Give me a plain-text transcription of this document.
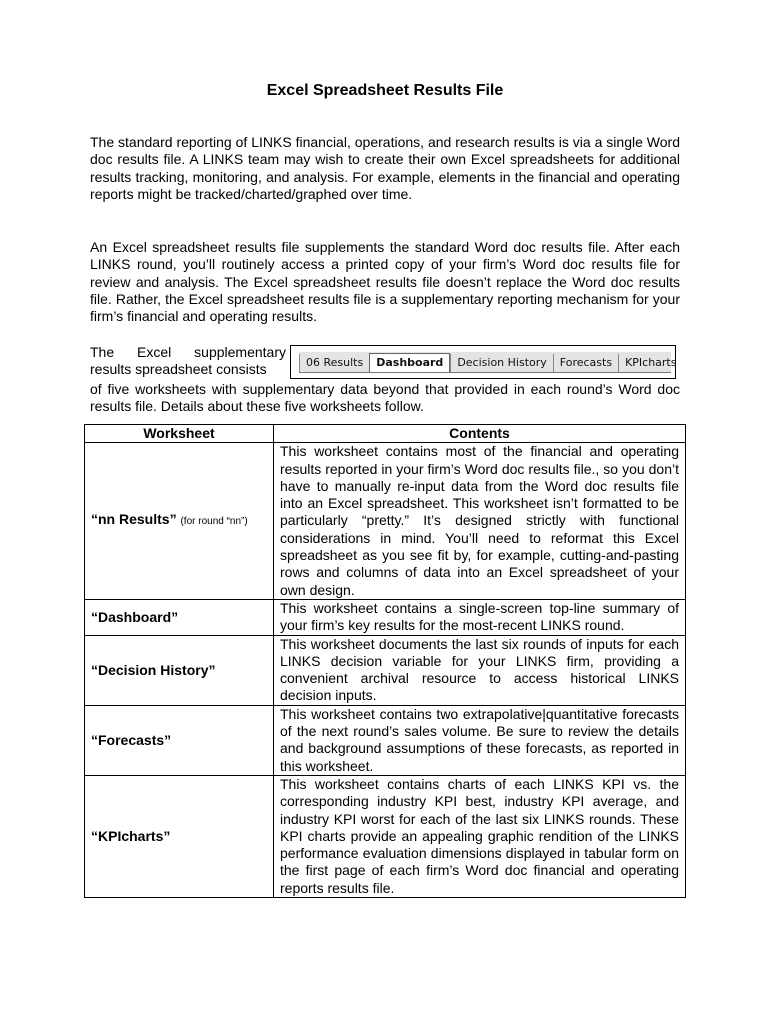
Excel Spreadsheet Results File
The standard reporting of LINKS financial, operations, and research results is via a single Word doc results file. A LINKS team may wish to create their own Excel spreadsheets for additional results tracking, monitoring, and analysis. For example, elements in the financial and operating reports might be tracked/charted/graphed over time.
An Excel spreadsheet results file supplements the standard Word doc results file. After each LINKS round, you’ll routinely access a printed copy of your firm’s Word doc results file for review and analysis. The Excel spreadsheet results file doesn’t replace the Word doc results file. Rather, the Excel spreadsheet results file is a supplementary reporting mechanism for your firm’s financial and operating results.
The Excel supplementary
results spreadsheet consists
of five worksheets with supplementary data beyond that provided in each round’s Word doc results file. Details about these five worksheets follow.
06 Results	Dashboard	Decision History	Forecasts	KPIcharts
Worksheet	Contents
“nn Results” (for round “nn”)	This worksheet contains most of the financial and operating results reported in your firm’s Word doc results file., so you don’t have to manually re-input data from the Word doc results file into an Excel spreadsheet. This worksheet isn’t formatted to be particularly “pretty.” It’s designed strictly with functional considerations in mind. You’ll need to reformat this Excel spreadsheet as you see fit by, for example, cutting-and-pasting rows and columns of data into an Excel spreadsheet of your own design.
“Dashboard”	This worksheet contains a single-screen top-line summary of your firm’s key results for the most-recent LINKS round.
“Decision History”	This worksheet documents the last six rounds of inputs for each LINKS decision variable for your LINKS firm, providing a convenient archival resource to access historical LINKS decision inputs.
“Forecasts”	This worksheet contains two extrapolative|quantitative forecasts of the next round’s sales volume. Be sure to review the details and background assumptions of these forecasts, as reported in this worksheet.
“KPIcharts”	This worksheet contains charts of each LINKS KPI vs. the corresponding industry KPI best, industry KPI average, and industry KPI worst for each of the last six LINKS rounds. These KPI charts provide an appealing graphic rendition of the LINKS performance evaluation dimensions displayed in tabular form on the first page of each firm’s Word doc financial and operating reports results file.
